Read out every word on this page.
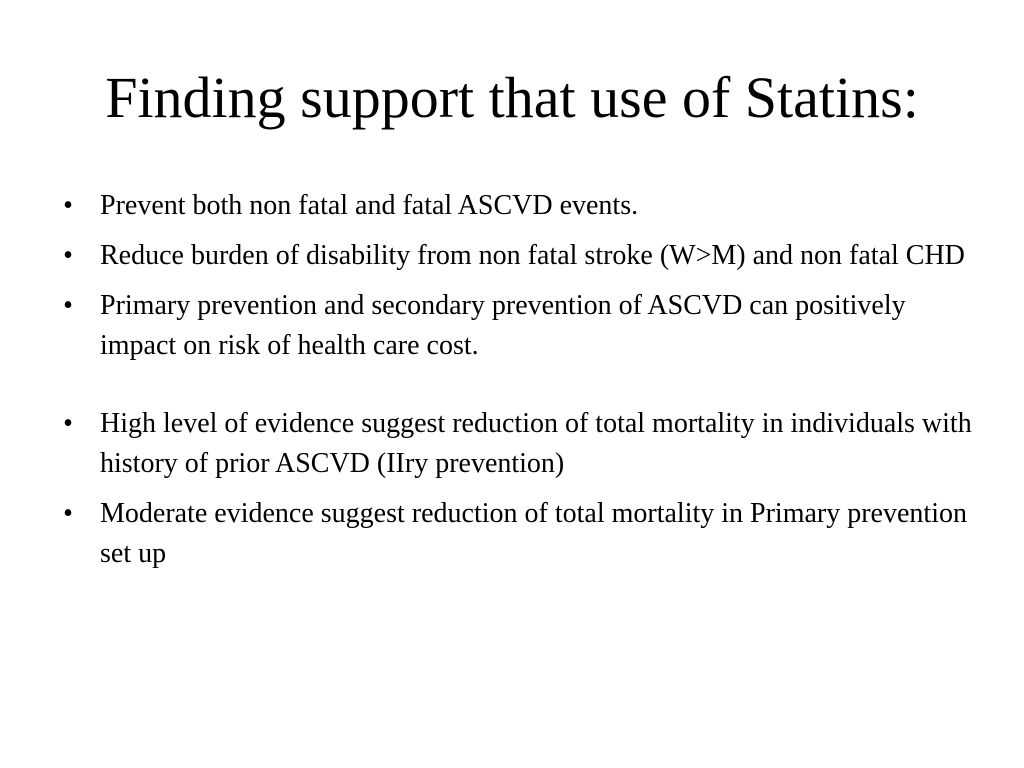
Finding support that use of Statins:
• Prevent both non fatal and fatal ASCVD events.
• Reduce burden of disability from non fatal stroke (W>M) and non fatal CHD
• Primary prevention and secondary prevention of ASCVD can positively impact on risk of health care cost.
• High level of evidence suggest reduction of total mortality in individuals with history of prior ASCVD (IIry prevention)
• Moderate evidence suggest reduction of total mortality in Primary prevention set up
